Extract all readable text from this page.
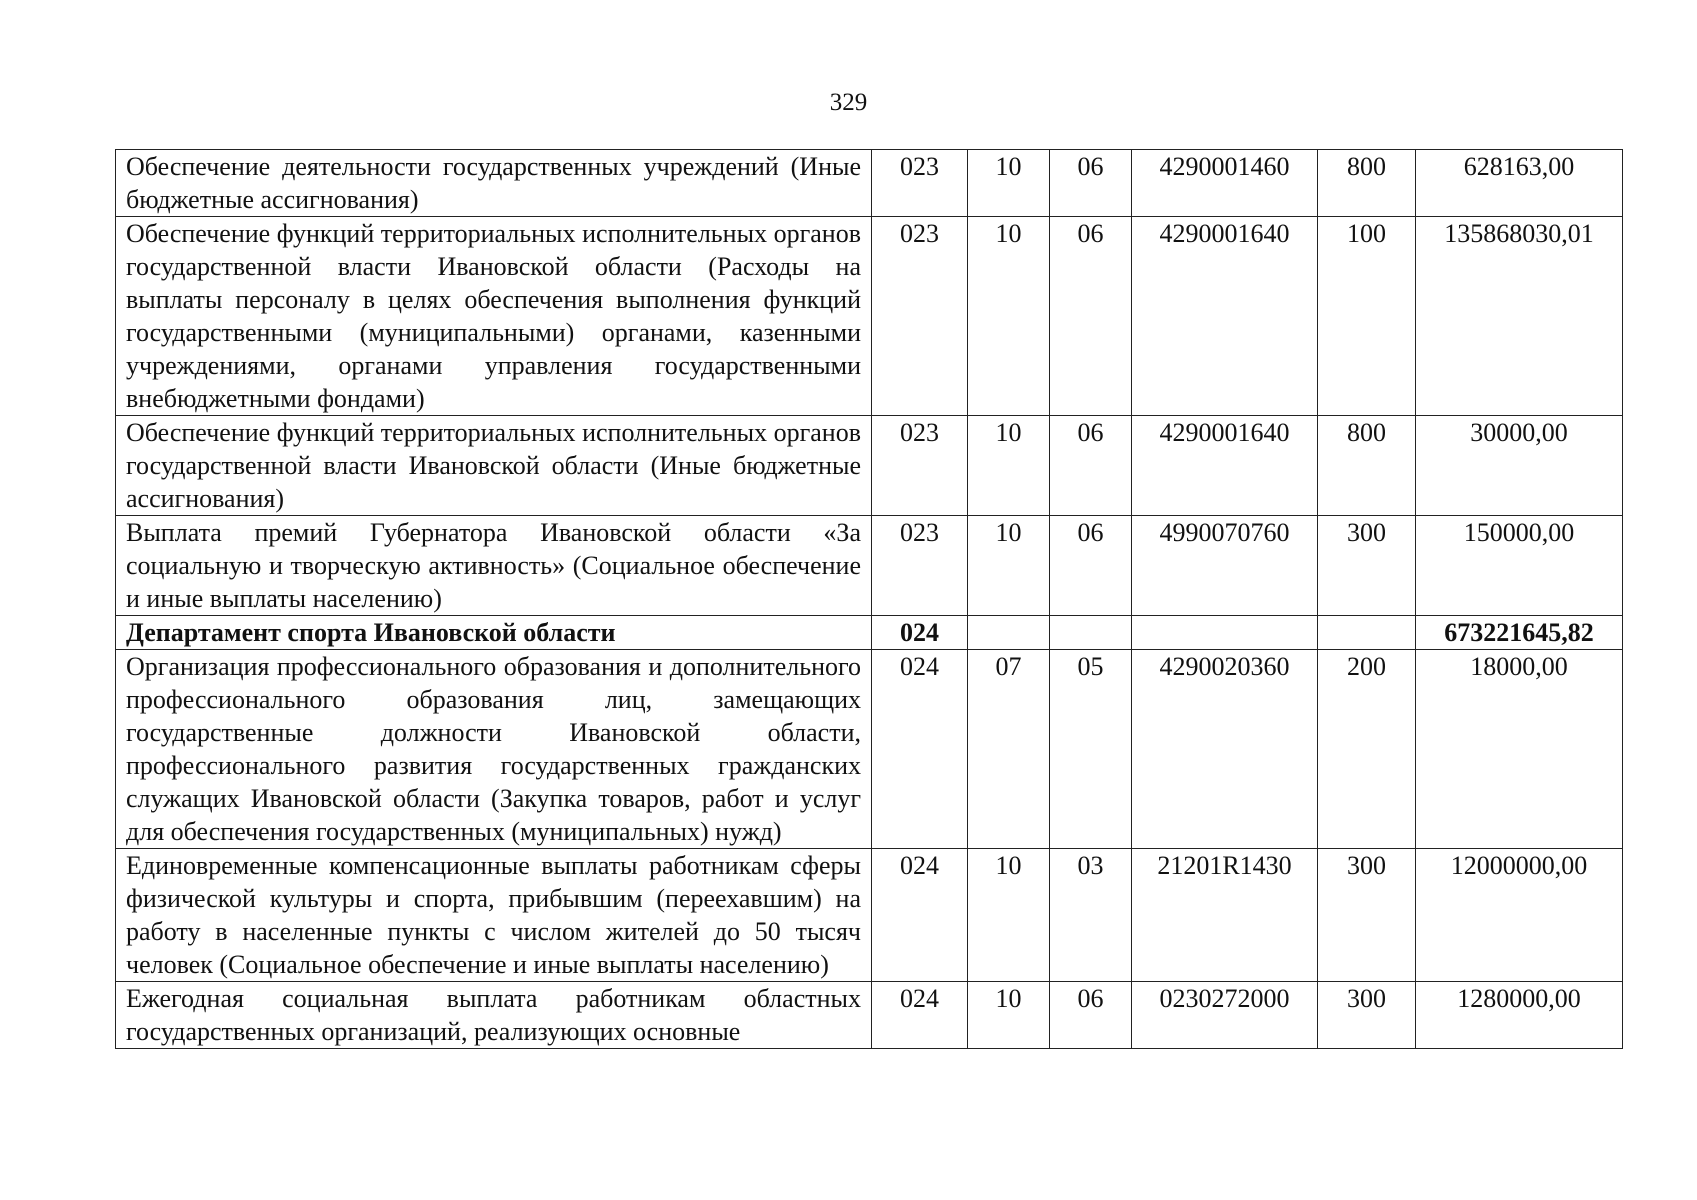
329
Обеспечение деятельности государственных учреждений (Иные бюджетные ассигнования)	023	10	06	4290001460	800	628163,00
Обеспечение функций территориальных исполнительных органов государственной власти Ивановской области (Расходы на выплаты персоналу в целях обеспечения выполнения функций государственными (муниципальными) органами, казенными учреждениями, органами управления государственными внебюджетными фондами)	023	10	06	4290001640	100	135868030,01
Обеспечение функций территориальных исполнительных органов государственной власти Ивановской области (Иные бюджетные ассигнования)	023	10	06	4290001640	800	30000,00
Выплата премий Губернатора Ивановской области «За социальную и творческую активность» (Социальное обеспечение и иные выплаты населению)	023	10	06	4990070760	300	150000,00
Департамент спорта Ивановской области	024					673221645,82
Организация профессионального образования и дополнительного профессионального образования лиц, замещающих государственные должности Ивановской области, профессионального развития государственных гражданских служащих Ивановской области (Закупка товаров, работ и услуг для обеспечения государственных (муниципальных) нужд)	024	07	05	4290020360	200	18000,00
Единовременные компенсационные выплаты работникам сферы физической культуры и спорта, прибывшим (переехавшим) на работу в населенные пункты с числом жителей до 50 тысяч человек (Социальное обеспечение и иные выплаты населению)	024	10	03	21201R1430	300	12000000,00
Ежегодная социальная выплата работникам областных государственных организаций, реализующих основные	024	10	06	0230272000	300	1280000,00
